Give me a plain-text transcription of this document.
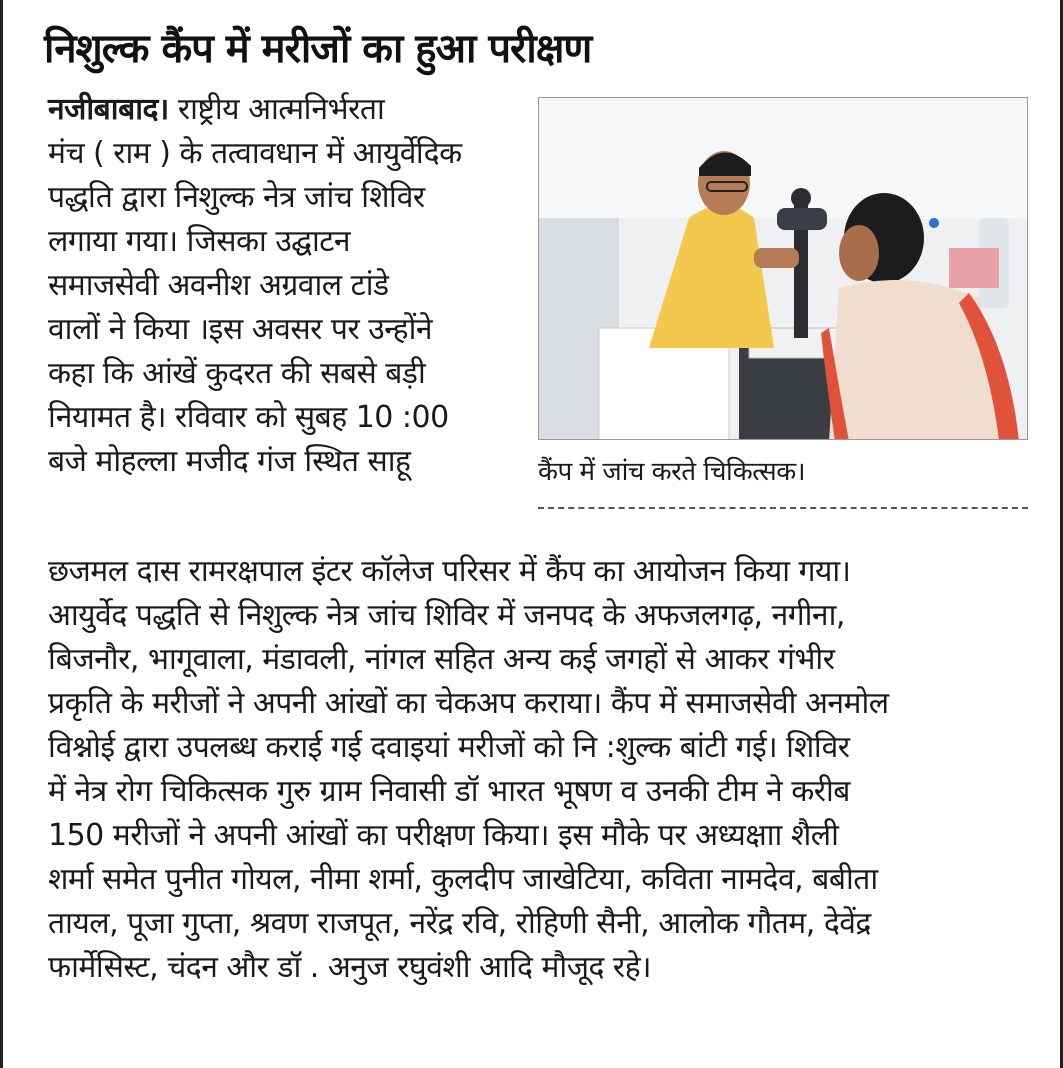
निशुल्क कैंप में मरीजों का हुआ परीक्षण
नजीबाबाद। राष्ट्रीय आत्मनिर्भरता
मंच ( राम ) के तत्वावधान में आयुर्वेदिक
पद्धति द्वारा निशुल्क नेत्र जांच शिविर
लगाया गया। जिसका उद्घाटन
समाजसेवी अवनीश अग्रवाल टांडे
वालों ने किया ।इस अवसर पर उन्होंने
कहा कि आंखें कुदरत की सबसे बड़ी
नियामत है। रविवार को सुबह 10 :00
बजे मोहल्ला मजीद गंज स्थित साहू	कैंप में जांच करते चिकित्सक।
छजमल दास रामरक्षपाल इंटर कॉलेज परिसर में कैंप का आयोजन किया गया।
आयुर्वेद पद्धति से निशुल्क नेत्र जांच शिविर में जनपद के अफजलगढ़, नगीना,
बिजनौर, भागूवाला, मंडावली, नांगल सहित अन्य कई जगहों से आकर गंभीर
प्रकृति के मरीजों ने अपनी आंखों का चेकअप कराया। कैंप में समाजसेवी अनमोल
विश्नोई द्वारा उपलब्ध कराई गई दवाइयां मरीजों को नि :शुल्क बांटी गई। शिविर
में नेत्र रोग चिकित्सक गुरु ग्राम निवासी डॉ भारत भूषण व उनकी टीम ने करीब
150 मरीजों ने अपनी आंखों का परीक्षण किया। इस मौके पर अध्यक्षाा शैली
शर्मा समेत पुनीत गोयल, नीमा शर्मा, कुलदीप जाखेटिया, कविता नामदेव, बबीता
तायल, पूजा गुप्ता, श्रवण राजपूत, नरेंद्र रवि, रोहिणी सैनी, आलोक गौतम, देवेंद्र
फार्मेसिस्ट, चंदन और डॉ . अनुज रघुवंशी आदि मौजूद रहे।
